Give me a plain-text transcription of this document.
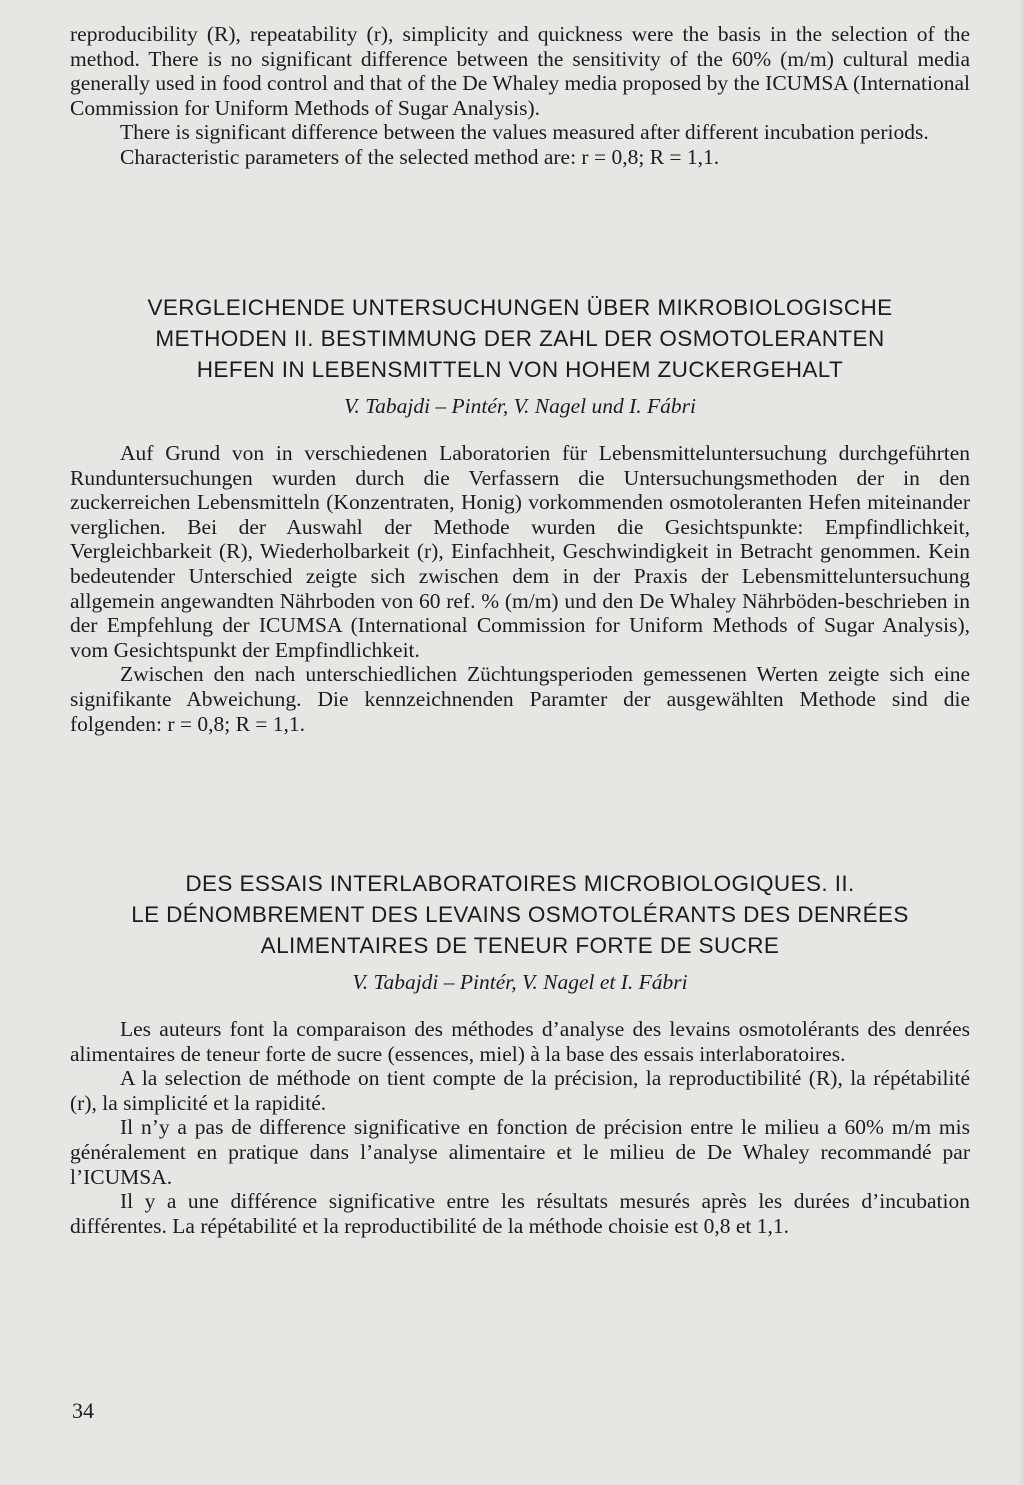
reproducibility (R), repeatability (r), simplicity and quickness were the basis in the selection of the method. There is no significant difference between the sensitivity of the 60% (m/m) cultural media generally used in food control and that of the De Whaley media proposed by the ICUMSA (International Commission for Uniform Methods of Sugar Analysis).

There is significant difference between the values measured after different incubation periods.

Characteristic parameters of the selected method are: r = 0,8; R = 1,1.

VERGLEICHENDE UNTERSUCHUNGEN ÜBER MIKROBIOLOGISCHE
METHODEN II. BESTIMMUNG DER ZAHL DER OSMOTOLERANTEN
HEFEN IN LEBENSMITTELN VON HOHEM ZUCKERGEHALT
V. Tabajdi – Pintér, V. Nagel und I. Fábri

Auf Grund von in verschiedenen Laboratorien für Lebensmitteluntersuchung durchgeführten Runduntersuchungen wurden durch die Verfassern die Untersuchungsmethoden der in den zuckerreichen Lebensmitteln (Konzentraten, Honig) vorkommenden osmotoleranten Hefen miteinander verglichen. Bei der Auswahl der Methode wurden die Gesichtspunkte: Empfindlichkeit, Vergleichbarkeit (R), Wiederholbarkeit (r), Einfachheit, Geschwindigkeit in Betracht genommen. Kein bedeutender Unterschied zeigte sich zwischen dem in der Praxis der Lebensmitteluntersuchung allgemein angewandten Nährboden von 60 ref. % (m/m) und den De Whaley Nährböden-beschrieben in der Empfehlung der ICUMSA (International Commission for Uniform Methods of Sugar Analysis), vom Gesichtspunkt der Empfindlichkeit.

Zwischen den nach unterschiedlichen Züchtungsperioden gemessenen Werten zeigte sich eine signifikante Abweichung. Die kennzeichnenden Paramter der ausgewählten Methode sind die folgenden: r = 0,8; R = 1,1.

DES ESSAIS INTERLABORATOIRES MICROBIOLOGIQUES. II.
LE DÉNOMBREMENT DES LEVAINS OSMOTOLÉRANTS DES DENRÉES
ALIMENTAIRES DE TENEUR FORTE DE SUCRE
V. Tabajdi – Pintér, V. Nagel et I. Fábri

Les auteurs font la comparaison des méthodes d’analyse des levains osmotolérants des denrées alimentaires de teneur forte de sucre (essences, miel) à la base des essais interlaboratoires.

A la selection de méthode on tient compte de la précision, la reproductibilité (R), la répétabilité (r), la simplicité et la rapidité.

Il n’y a pas de difference significative en fonction de précision entre le milieu a 60% m/m mis généralement en pratique dans l’analyse alimentaire et le milieu de De Whaley recommandé par l’ICUMSA.

Il y a une différence significative entre les résultats mesurés après les durées d’incubation différentes. La répétabilité et la reproductibilité de la méthode choisie est 0,8 et 1,1.

34
